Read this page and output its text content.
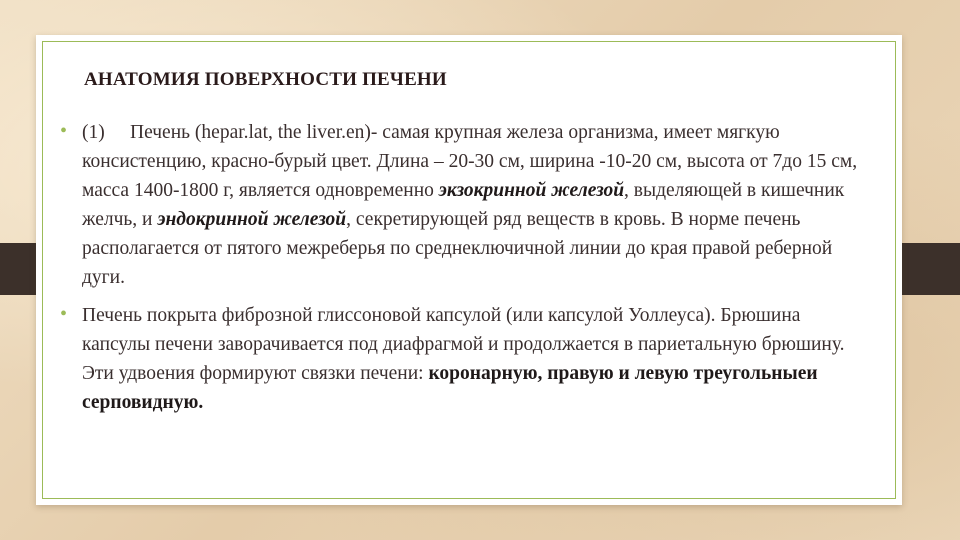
АНАТОМИЯ ПОВЕРХНОСТИ ПЕЧЕНИ
• (1) Печень (hepar.lat, the liver.en)- самая крупная железа организма, имеет мягкую консистенцию, красно-бурый цвет. Длина – 20-30 см, ширина -10-20 см, высота от 7до 15 см, масса 1400-1800 г, является одновременно экзокринной железой, выделяющей в кишечник желчь, и эндокринной железой, секретирующей ряд веществ в кровь. В норме печень располагается от пятого межреберья по среднеключичной линии до края правой реберной дуги.
• Печень покрыта фиброзной глиссоновой капсулой (или капсулой Уоллеуса). Брюшина капсулы печени заворачивается под диафрагмой и продолжается в париетальную брюшину. Эти удвоения формируют связки печени: коронарную, правую и левую треугольныеи серповидную.
